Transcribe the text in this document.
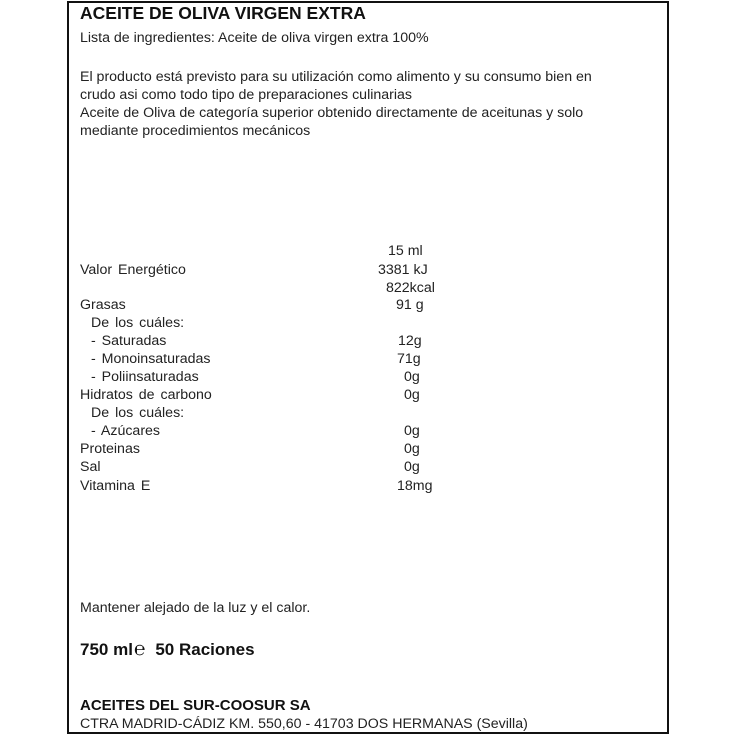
ACEITE DE OLIVA VIRGEN EXTRA
Lista de ingredientes: Aceite de oliva virgen extra 100%
El producto está previsto para su utilización como alimento y su consumo bien en
crudo asi como todo tipo de preparaciones culinarias
Aceite de Oliva de categoría superior obtenido directamente de aceitunas y solo
mediante procedimientos mecánicos
15 ml
Valor Energético	3381 kJ
822kcal
Grasas	91 g
De los cuáles:
- Saturadas	12g
- Monoinsaturadas	71g
- Poliinsaturadas	0g
Hidratos de carbono	0g
De los cuáles:
- Azúcares	0g
Proteinas	0g
Sal	0g
Vitamina E	18mg
Mantener alejado de la luz y el calor.
750 ml℮ 50 Raciones
ACEITES DEL SUR-COOSUR SA
CTRA MADRID-CÁDIZ KM. 550,60 - 41703 DOS HERMANAS (Sevilla)
